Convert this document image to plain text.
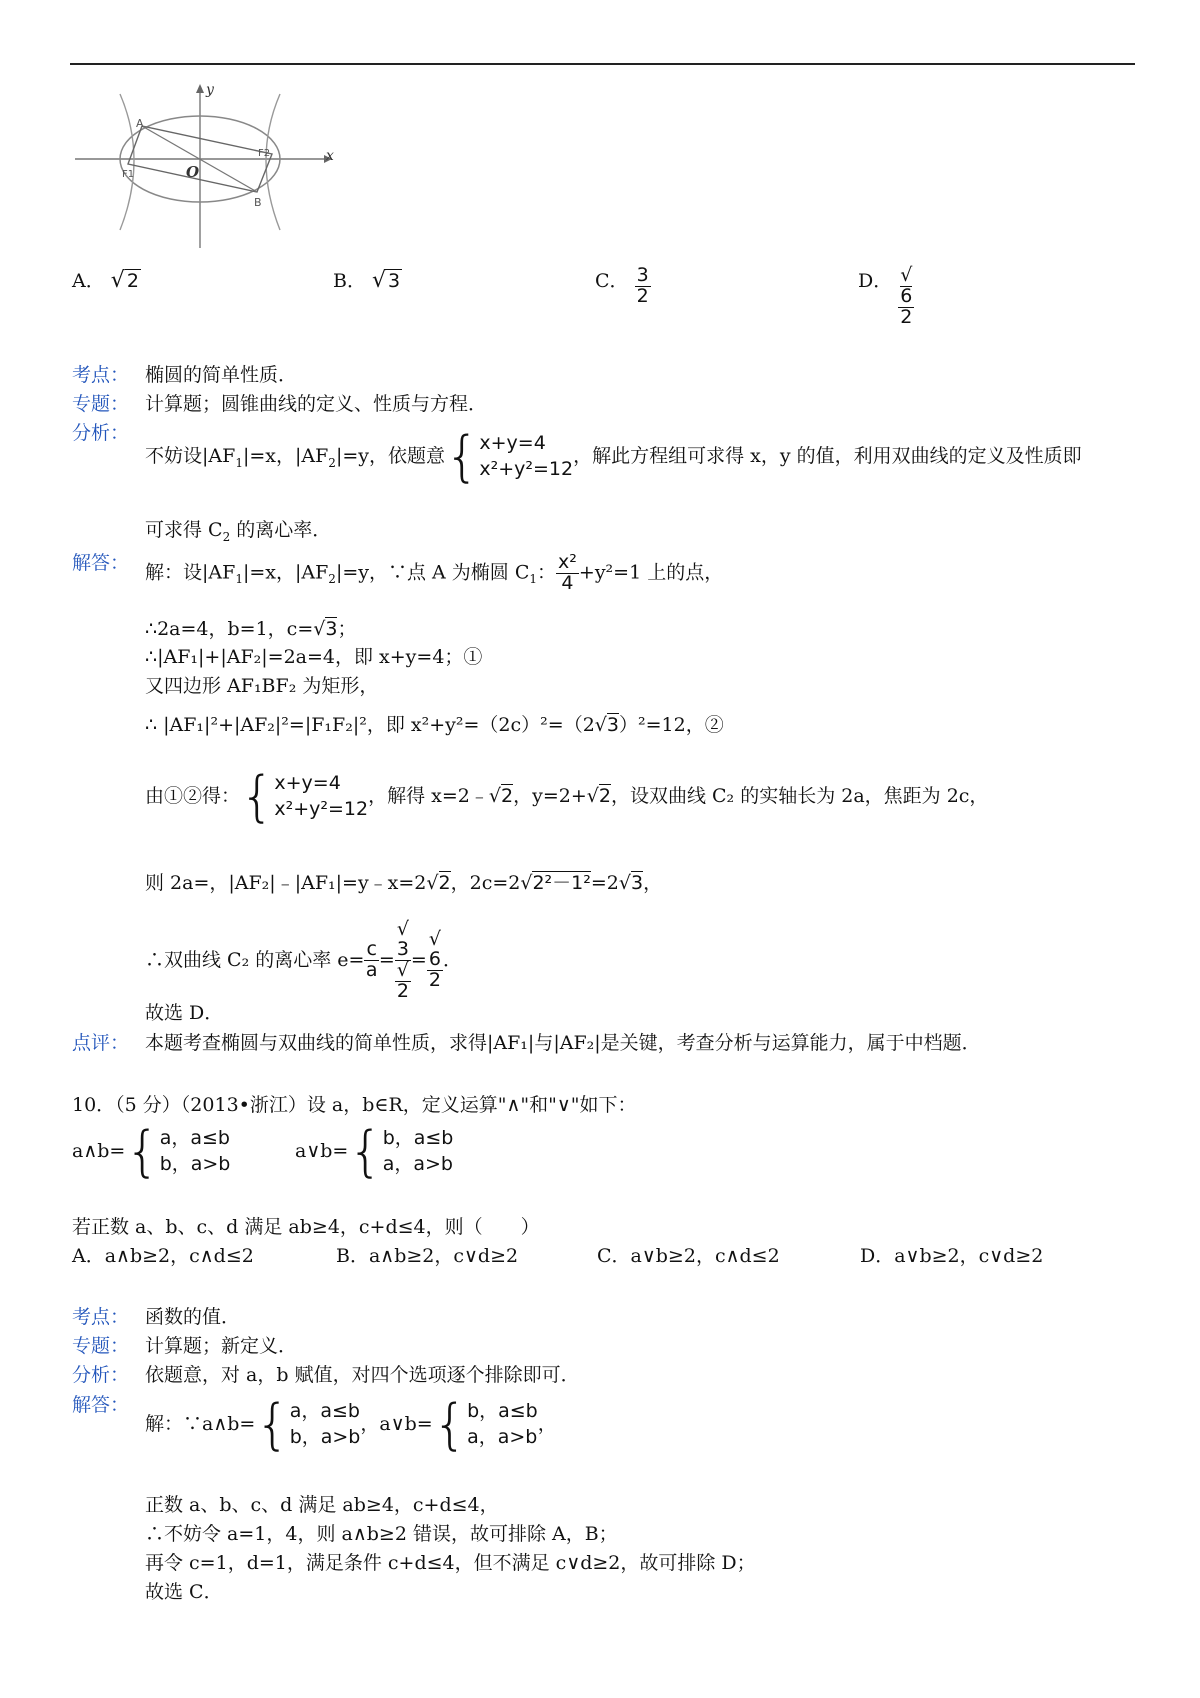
y
x
O
A
B
F1
F2
A． √ 2	B． √ 3	C． $\frac{3}{2}$	D． √
6
2
考点： 椭圆的简单性质．
专题： 计算题；圆锥曲线的定义、性质与方程．
分析：
不妨设$|AF_1|=x$，$|AF_2|=y$，依题意{x+y=4
x²+y²=12，解此方程组可求得 x，y 的值，利用双曲线的定义及性质即
可求得 $C_2$ 的离心率．
解答： 解：设$|AF_1|=x$，$|AF_2|=y$，∵点 A 为椭圆 $C_1$： $\frac{\text{x²}}{4} +y^2=1$ 上的点，
∴2a=4，b=1，c=√3；
∴|AF₁|+|AF₂|=2a=4，即 x+y=4；①
又四边形 AF₁BF₂ 为矩形，
∴ |AF₁|²+|AF₂|²=|F₁F₂|²，即 x²+y²=（2c）²=（2√3）²=12，②
由①②得：{x+y=4
x²+y²=12，解得 x=2﹣√2，y=2+√2，设双曲线 C₂ 的实轴长为 2a，焦距为 2c，
则 2a=，|AF₂|﹣|AF₁|=y﹣x=2√2，2c=2√2²－1²=2√3，
∴双曲线 C₂ 的离心率 $e= \frac{c}{a}$ = √
3
√
2 = √
6
2 ．
故选 D．
点评： 本题考查椭圆与双曲线的简单性质，求得|AF₁|与|AF₂|是关键，考查分析与运算能力，属于中档题．
10．（5 分）（2013•浙江）设 a，b∈R，定义运算"∧"和"∨"如下：
a∧b={a，a≤b
b，a>b
a∨b={b，a≤b
a，a>b
若正数 a、b、c、d 满足 ab≥4，c+d≤4，则（　　）
A．a∧b≥2，c∧d≤2	B．a∧b≥2，c∨d≥2	C．a∨b≥2，c∧d≤2	D．a∨b≥2，c∨d≥2
考点： 函数的值．
专题： 计算题；新定义．
分析： 依题意，对 a，b 赋值，对四个选项逐个排除即可．
解答：
解：∵a∧b={a，a≤b
b，a>b，a∨b={b，a≤b
a，a>b，
正数 a、b、c、d 满足 ab≥4，c+d≤4，
∴不妨令 a=1，4，则 a∧b≥2 错误，故可排除 A，B；
再令 c=1，d=1，满足条件 c+d≤4，但不满足 c∨d≥2，故可排除 D；
故选 C．
